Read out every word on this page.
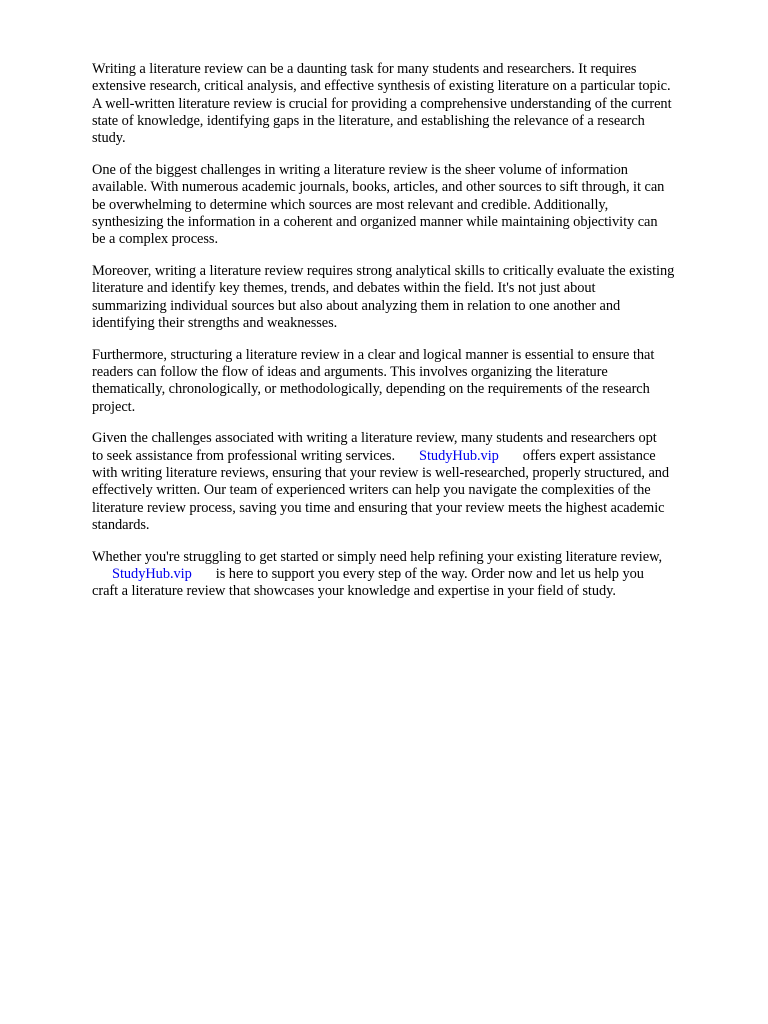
Writing a literature review can be a daunting task for many students and researchers. It requires
extensive research, critical analysis, and effective synthesis of existing literature on a particular topic.
A well-written literature review is crucial for providing a comprehensive understanding of the current
state of knowledge, identifying gaps in the literature, and establishing the relevance of a research
study.

One of the biggest challenges in writing a literature review is the sheer volume of information
available. With numerous academic journals, books, articles, and other sources to sift through, it can
be overwhelming to determine which sources are most relevant and credible. Additionally,
synthesizing the information in a coherent and organized manner while maintaining objectivity can
be a complex process.

Moreover, writing a literature review requires strong analytical skills to critically evaluate the existing
literature and identify key themes, trends, and debates within the field. It's not just about
summarizing individual sources but also about analyzing them in relation to one another and
identifying their strengths and weaknesses.

Furthermore, structuring a literature review in a clear and logical manner is essential to ensure that
readers can follow the flow of ideas and arguments. This involves organizing the literature
thematically, chronologically, or methodologically, depending on the requirements of the research
project.

Given the challenges associated with writing a literature review, many students and researchers opt
to seek assistance from professional writing services. StudyHub.vip offers expert assistance
with writing literature reviews, ensuring that your review is well-researched, properly structured, and
effectively written. Our team of experienced writers can help you navigate the complexities of the
literature review process, saving you time and ensuring that your review meets the highest academic
standards.

Whether you're struggling to get started or simply need help refining your existing literature review,
StudyHub.vip is here to support you every step of the way. Order now and let us help you
craft a literature review that showcases your knowledge and expertise in your field of study.
